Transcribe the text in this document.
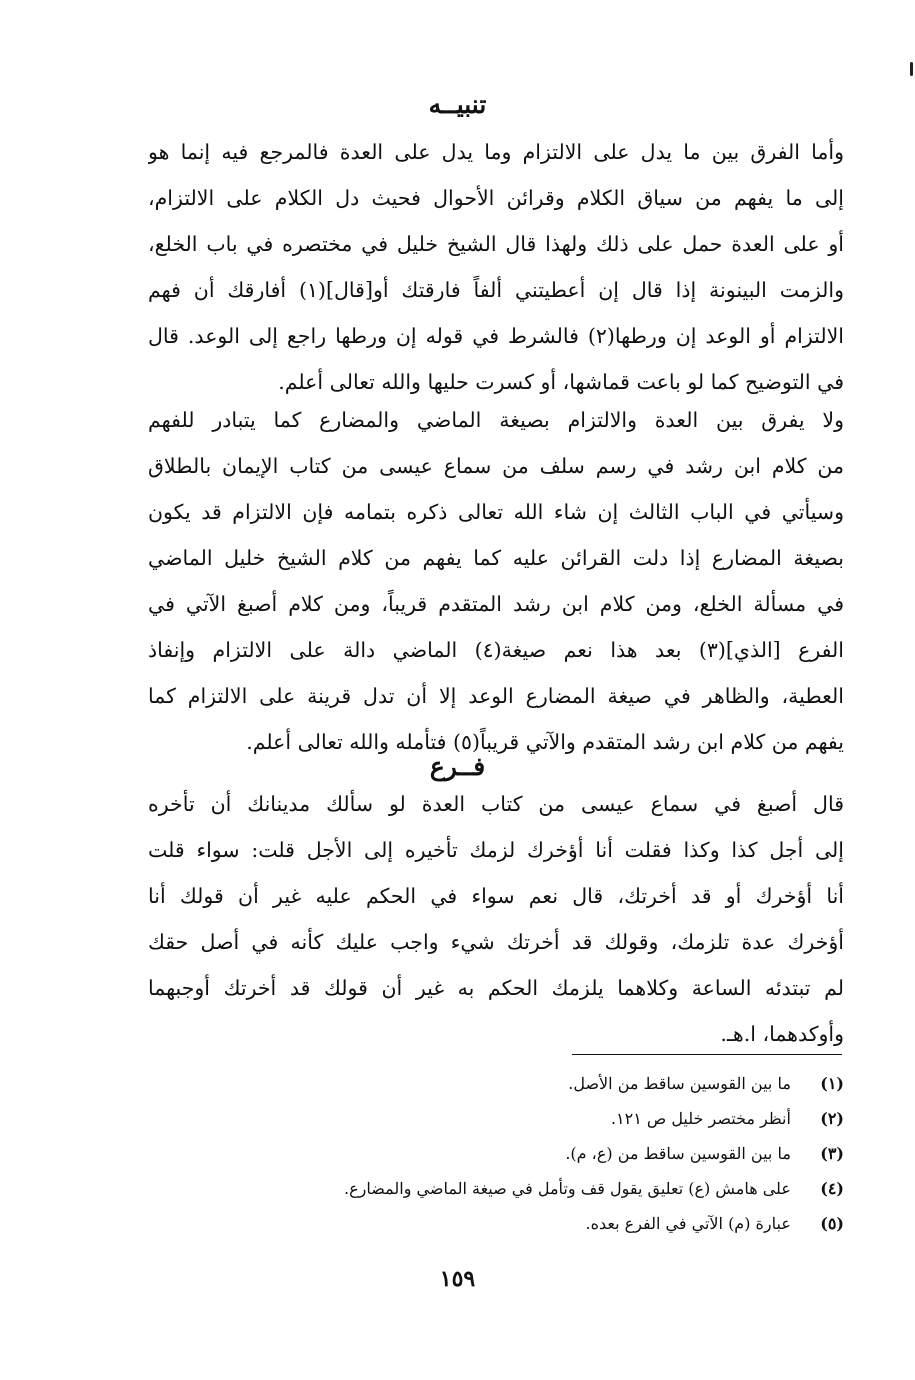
تنبيــه
وأما الفرق بين ما يدل على الالتزام وما يدل على العدة فالمرجع فيه إنما هو
إلى ما يفهم من سياق الكلام وقرائن الأحوال فحيث دل الكلام على الالتزام،
أو على العدة حمل على ذلك ولهذا قال الشيخ خليل في مختصره في باب الخلع،
والزمت البينونة إذا قال إن أعطيتني ألفاً فارقتك أو[قال](١) أفارقك أن فهم
الالتزام أو الوعد إن ورطها(٢) فالشرط في قوله إن ورطها راجع إلى الوعد. قال
في التوضيح كما لو باعت قماشها، أو كسرت حليها والله تعالى أعلم.
ولا يفرق بين العدة والالتزام بصيغة الماضي والمضارع كما يتبادر للفهم
من كلام ابن رشد في رسم سلف من سماع عيسى من كتاب الإيمان بالطلاق
وسيأتي في الباب الثالث إن شاء الله تعالى ذكره بتمامه فإن الالتزام قد يكون
بصيغة المضارع إذا دلت القرائن عليه كما يفهم من كلام الشيخ خليل الماضي
في مسألة الخلع، ومن كلام ابن رشد المتقدم قريباً، ومن كلام أصبغ الآتي في
الفرع [الذي](٣) بعد هذا نعم صيغة(٤) الماضي دالة على الالتزام وإنفاذ
العطية، والظاهر في صيغة المضارع الوعد إلا أن تدل قرينة على الالتزام كما
يفهم من كلام ابن رشد المتقدم والآتي قريباً(٥) فتأمله والله تعالى أعلم.
فــرع
قال أصبغ في سماع عيسى من كتاب العدة لو سألك مدينانك أن تأخره
إلى أجل كذا وكذا فقلت أنا أؤخرك لزمك تأخيره إلى الأجل قلت: سواء قلت
أنا أؤخرك أو قد أخرتك، قال نعم سواء في الحكم عليه غير أن قولك أنا
أؤخرك عدة تلزمك، وقولك قد أخرتك شيء واجب عليك كأنه في أصل حقك
لم تبتدئه الساعة وكلاهما يلزمك الحكم به غير أن قولك قد أخرتك أوجبهما
وأوكدهما، ا.هـ.
(١) ما بين القوسين ساقط من الأصل.
(٢) أنظر مختصر خليل ص ١٢١.
(٣) ما بين القوسين ساقط من (ع، م).
(٤) على هامش (ع) تعليق يقول قف وتأمل في صيغة الماضي والمضارع.
(٥) عبارة (م) الآتي في الفرع بعده.
١٥٩
